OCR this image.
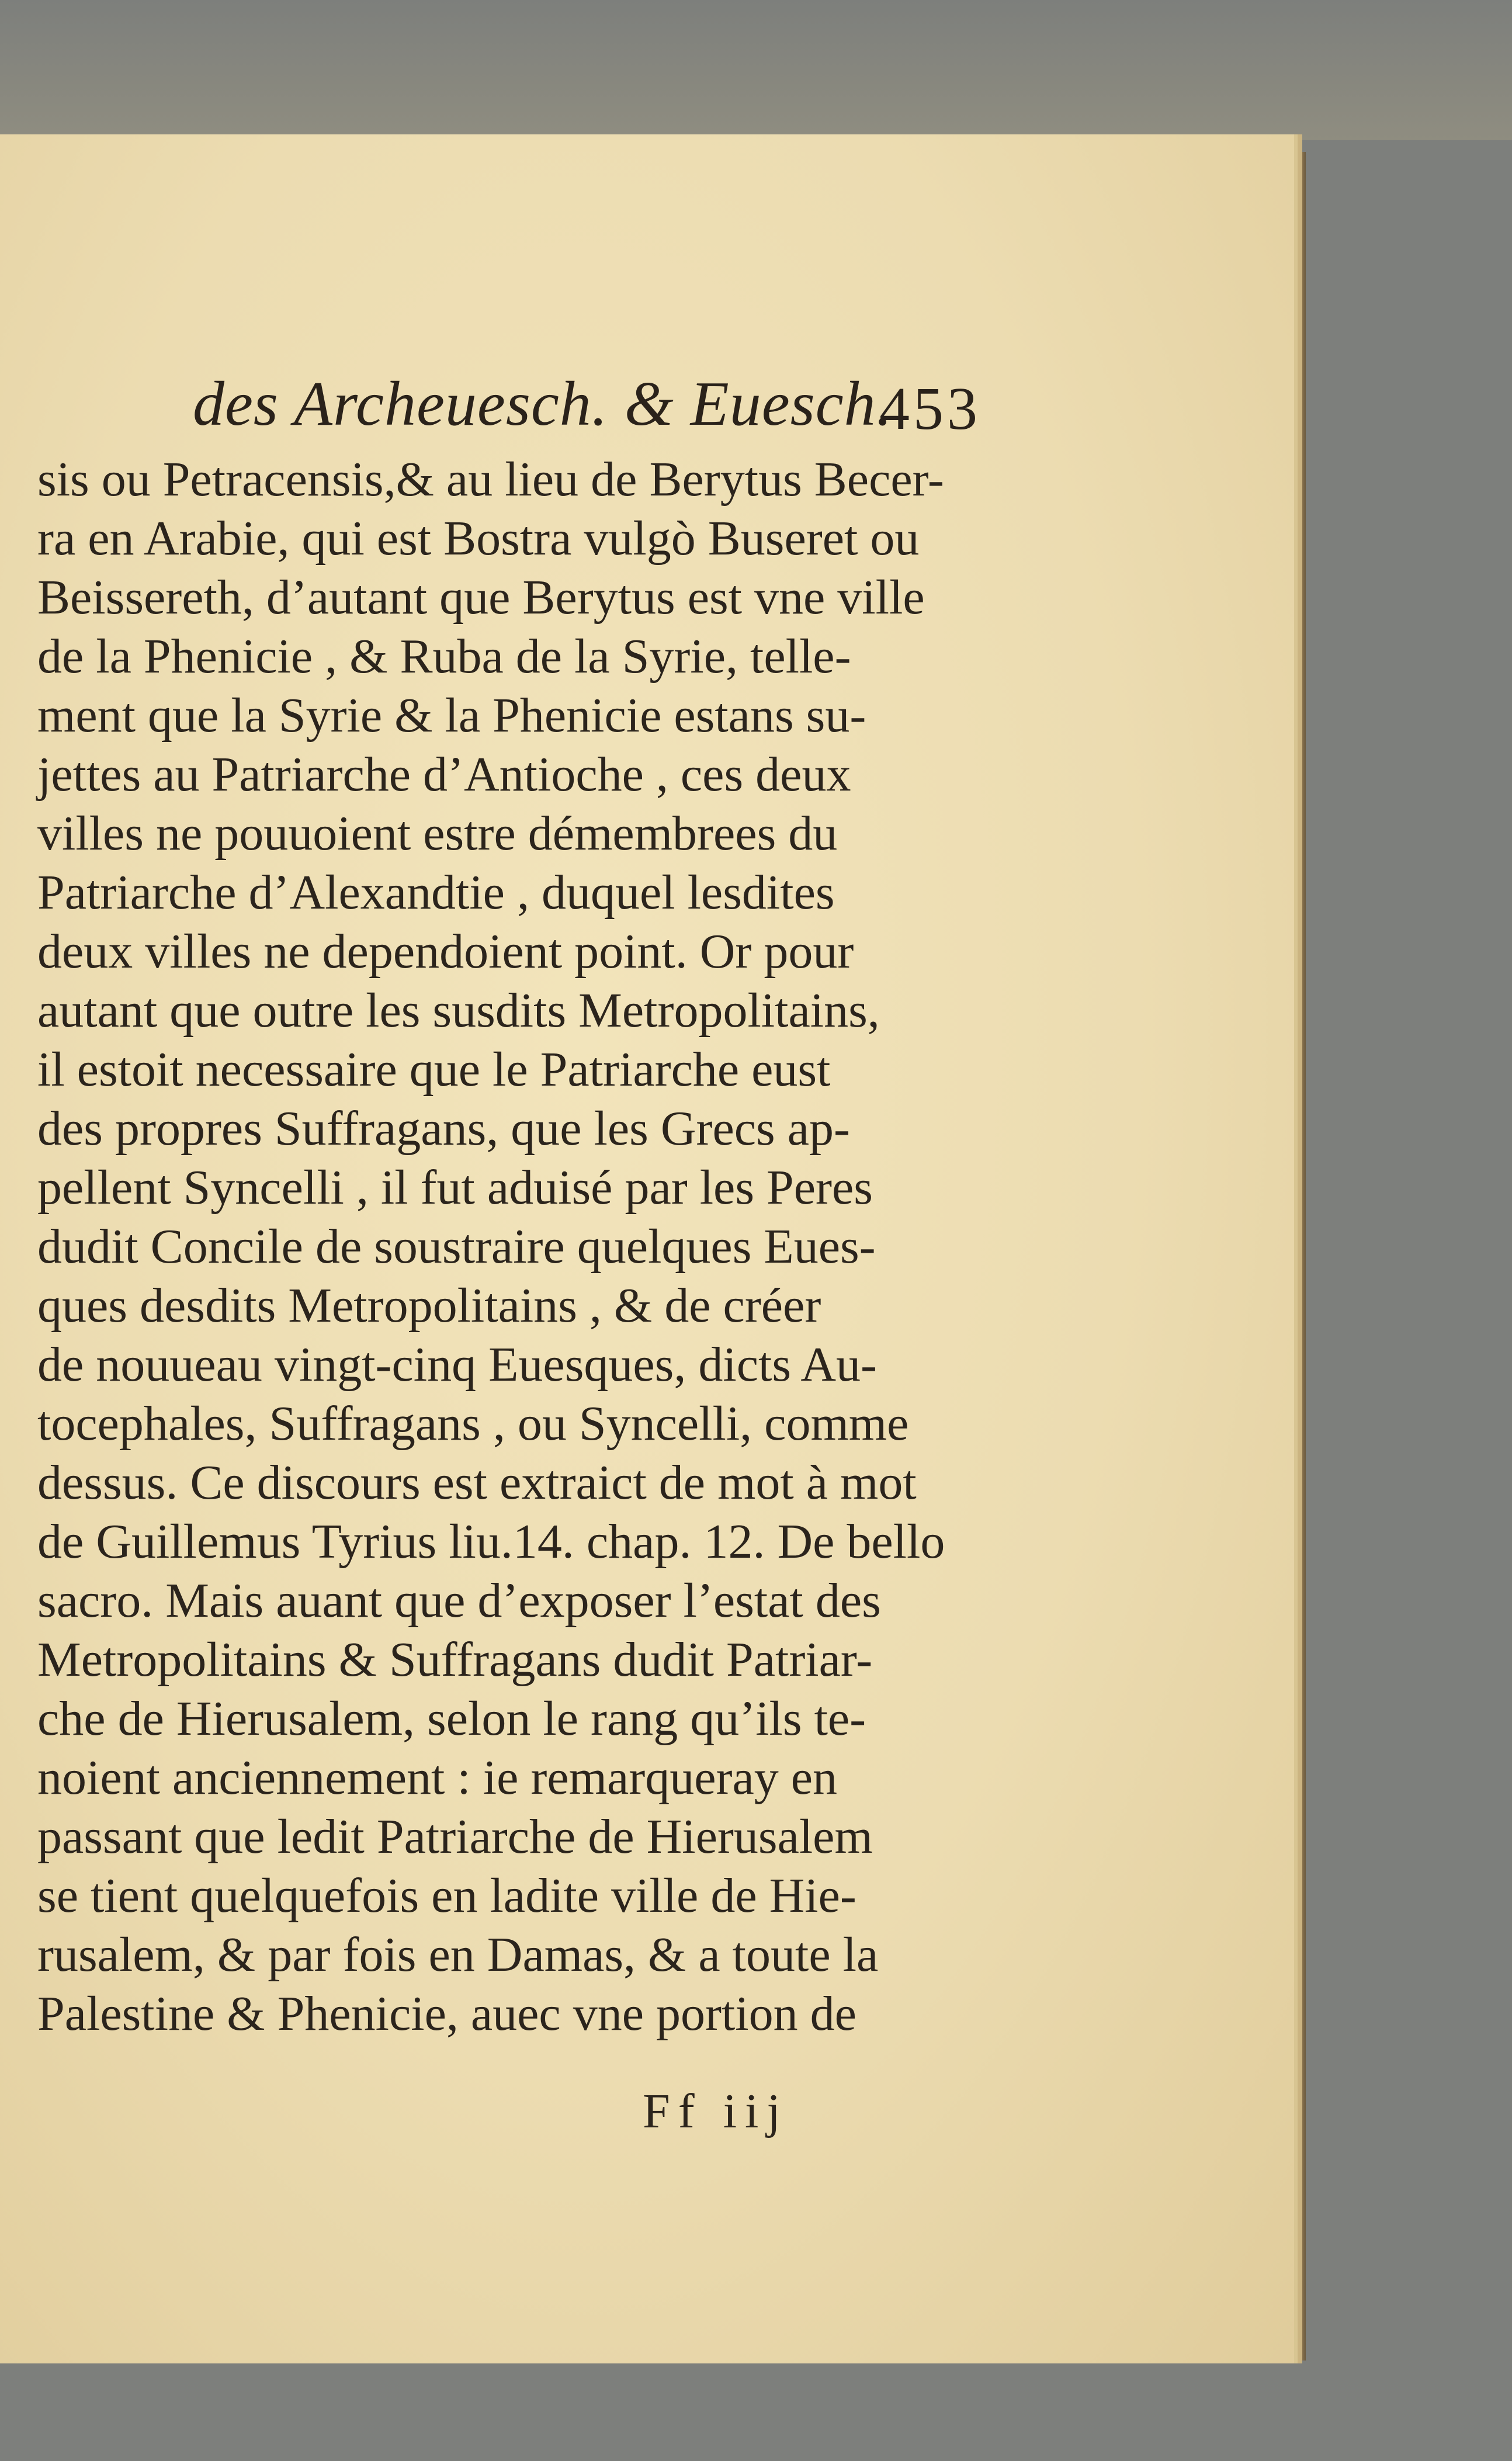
des Archeuesch. & Euesch.
453
sis ou Petracensis,& au lieu de Berytus Becer-
ra en Arabie, qui est Bostra vulgò Buseret ou
Beissereth, d’autant que Berytus est vne ville
de la Phenicie , & Ruba de la Syrie, telle-
ment que la Syrie & la Phenicie estans su-
jettes au Patriarche d’Antioche , ces deux
villes ne pouuoient estre démembrees du
Patriarche d’Alexandtie , duquel lesdites
deux villes ne dependoient point. Or pour
autant que outre les susdits Metropolitains,
il estoit necessaire que le Patriarche eust
des propres Suffragans, que les Grecs ap-
pellent Syncelli , il fut aduisé par les Peres
dudit Concile de soustraire quelques Eues-
ques desdits Metropolitains , & de créer
de nouueau vingt-cinq Euesques, dicts Au-
tocephales, Suffragans , ou Syncelli, comme
dessus. Ce discours est extraict de mot à mot
de Guillemus Tyrius liu.14. chap. 12. De bello
sacro. Mais auant que d’exposer l’estat des
Metropolitains & Suffragans dudit Patriar-
che de Hierusalem, selon le rang qu’ils te-
noient anciennement : ie remarqueray en
passant que ledit Patriarche de Hierusalem
se tient quelquefois en ladite ville de Hie-
rusalem, & par fois en Damas, & a toute la
Palestine & Phenicie, auec vne portion de
Ff iij
